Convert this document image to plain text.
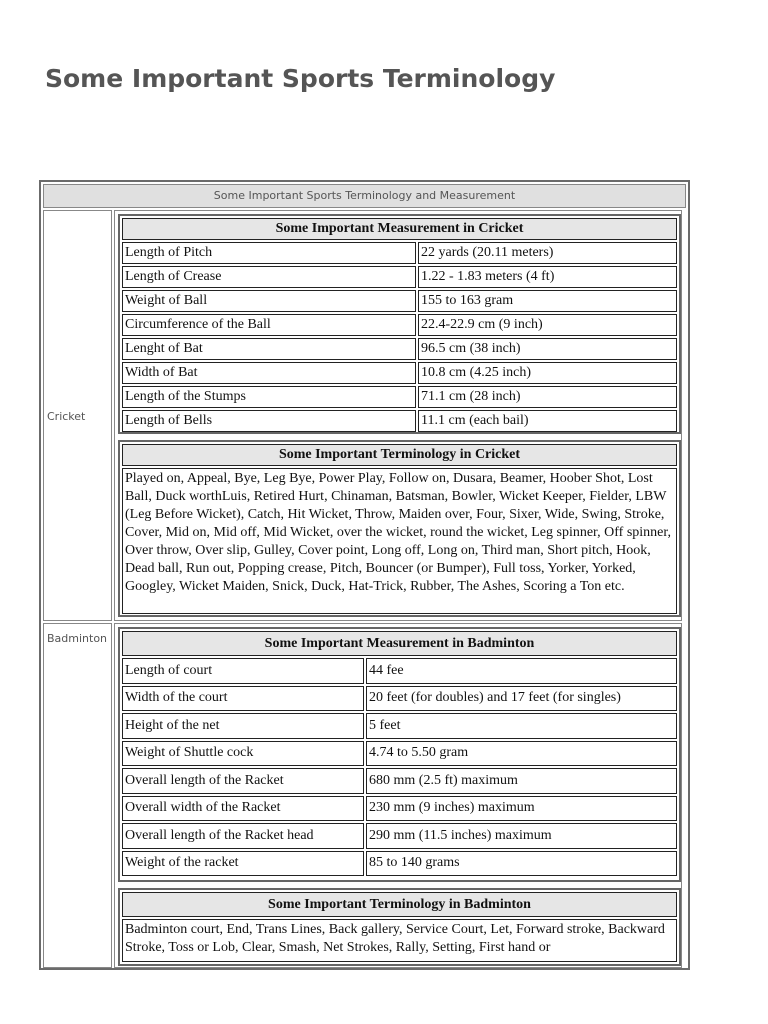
Some Important Sports Terminology
Some Important Sports Terminology and Measurement
Cricket
Some Important Measurement in Cricket	
Length of Pitch	22 yards (20.11 meters)
Length of Crease	1.22 - 1.83 meters (4 ft)
Weight of Ball	155 to 163 gram
Circumference of the Ball	22.4-22.9 cm (9 inch)
Lenght of Bat	96.5 cm (38 inch)
Width of Bat	10.8 cm (4.25 inch)
Length of the Stumps	71.1 cm (28 inch)
Length of Bells	11.1 cm (each bail)
Some Important Terminology in Cricket
Played on, Appeal, Bye, Leg Bye, Power Play, Follow on, Dusara, Beamer, Hoober Shot, Lost Ball, Duck worthLuis, Retired Hurt, Chinaman, Batsman, Bowler, Wicket Keeper, Fielder, LBW (Leg Before Wicket), Catch, Hit Wicket, Throw, Maiden over, Four, Sixer, Wide, Swing, Stroke, Cover, Mid on, Mid off, Mid Wicket, over the wicket, round the wicket, Leg spinner, Off spinner, Over throw, Over slip, Gulley, Cover point, Long off, Long on, Third man, Short pitch, Hook, Dead ball, Run out, Popping crease, Pitch, Bouncer (or Bumper), Full toss, Yorker, Yorked, Googley, Wicket Maiden, Snick, Duck, Hat-Trick, Rubber, The Ashes, Scoring a Ton etc.
Badminton	Some Important Measurement in Badminton	
Length of court	44 fee
Width of the court	20 feet (for doubles) and 17 feet (for singles)
Height of the net	5 feet
Weight of Shuttle cock	4.74 to 5.50 gram
Overall length of the Racket	680 mm (2.5 ft) maximum
Overall width of the Racket	230 mm (9 inches) maximum
Overall length of the Racket head	290 mm (11.5 inches) maximum
Weight of the racket	85 to 140 grams
Some Important Terminology in Badminton
Badminton court, End, Trans Lines, Back gallery, Service Court, Let, Forward stroke, Backward Stroke, Toss or Lob, Clear, Smash, Net Strokes, Rally, Setting, First hand or
